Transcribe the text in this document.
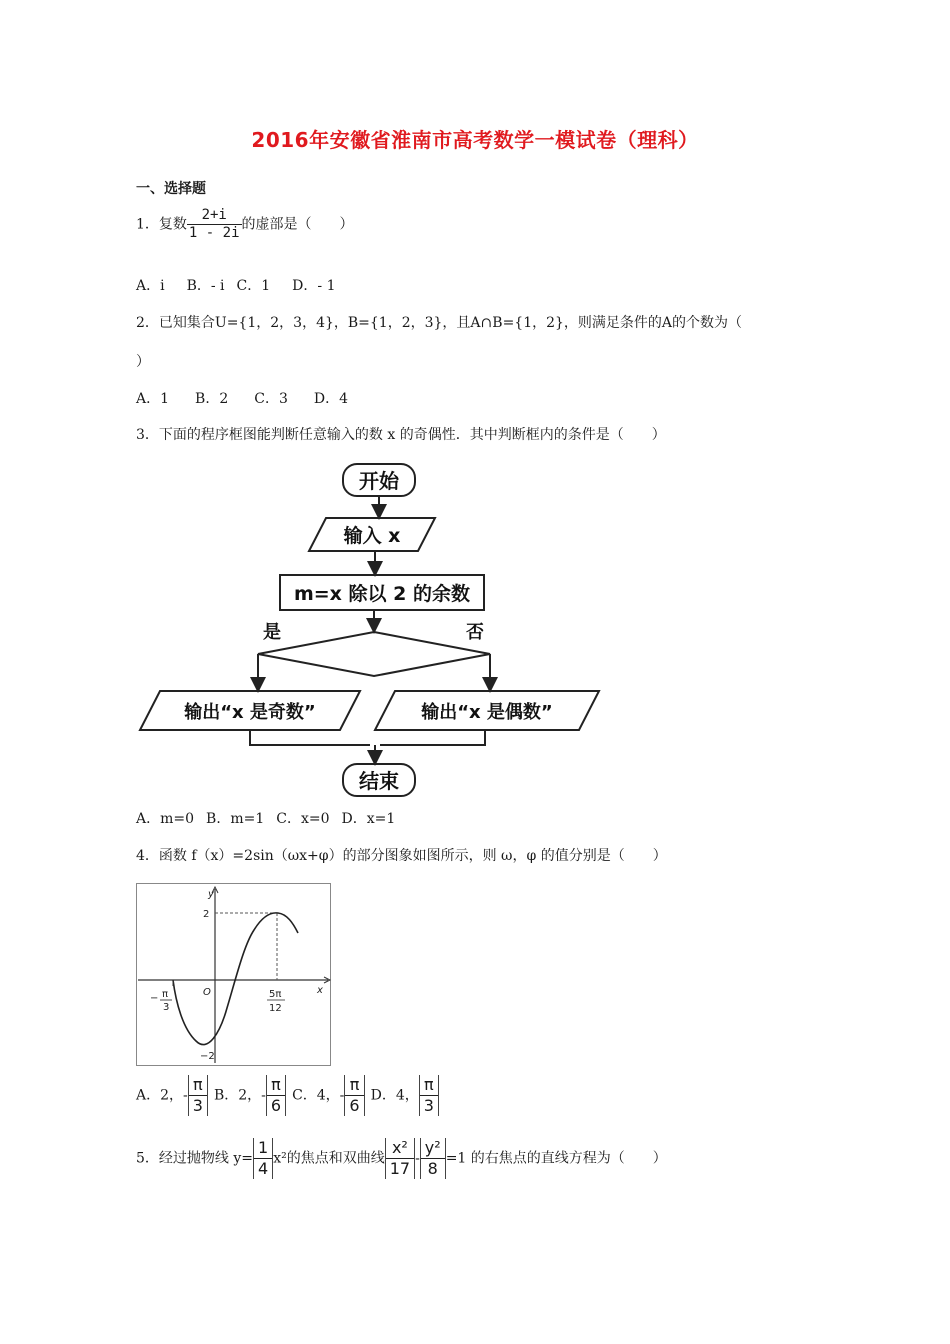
2016年安徽省淮南市高考数学一模试卷（理科）
一、选择题
1．复数 $\frac{2+i}{1 - 2i}$ 的虚部是（　　）
A．i B．- i C．1 D．- 1
2．已知集合U={1，2，3，4}，B={1，2，3}，且A∩B={1，2}，则满足条件的A的个数为（
）
A．1 B．2 C．3 D．4
3．下面的程序框图能判断任意输入的数 x 的奇偶性．其中判断框内的条件是（　　）
开始
输入 x
m=x 除以 2 的余数
是	否
输出“x 是奇数”	输出“x 是偶数”
结束
A．m=0 B．m=1 C．x=0 D．x=1
4．函数 f（x）=2sin（ωx+φ）的部分图象如图所示，则 ω，φ 的值分别是（　　）
y
x
O
2
−2
− π
3
5π
12
A．2，- $\frac{\pi}{3}$ B．2，- $\frac{\pi}{6}$ C．4，- $\frac{\pi}{6}$ D．4， $\frac{\pi}{3}$
5．经过抛物线 $y= \frac{1}{4} x^2$的焦点和双曲线 $\frac{\text{x²}}{17} - \frac{\text{y²}}{8} =1$ 的右焦点的直线方程为（　　）
